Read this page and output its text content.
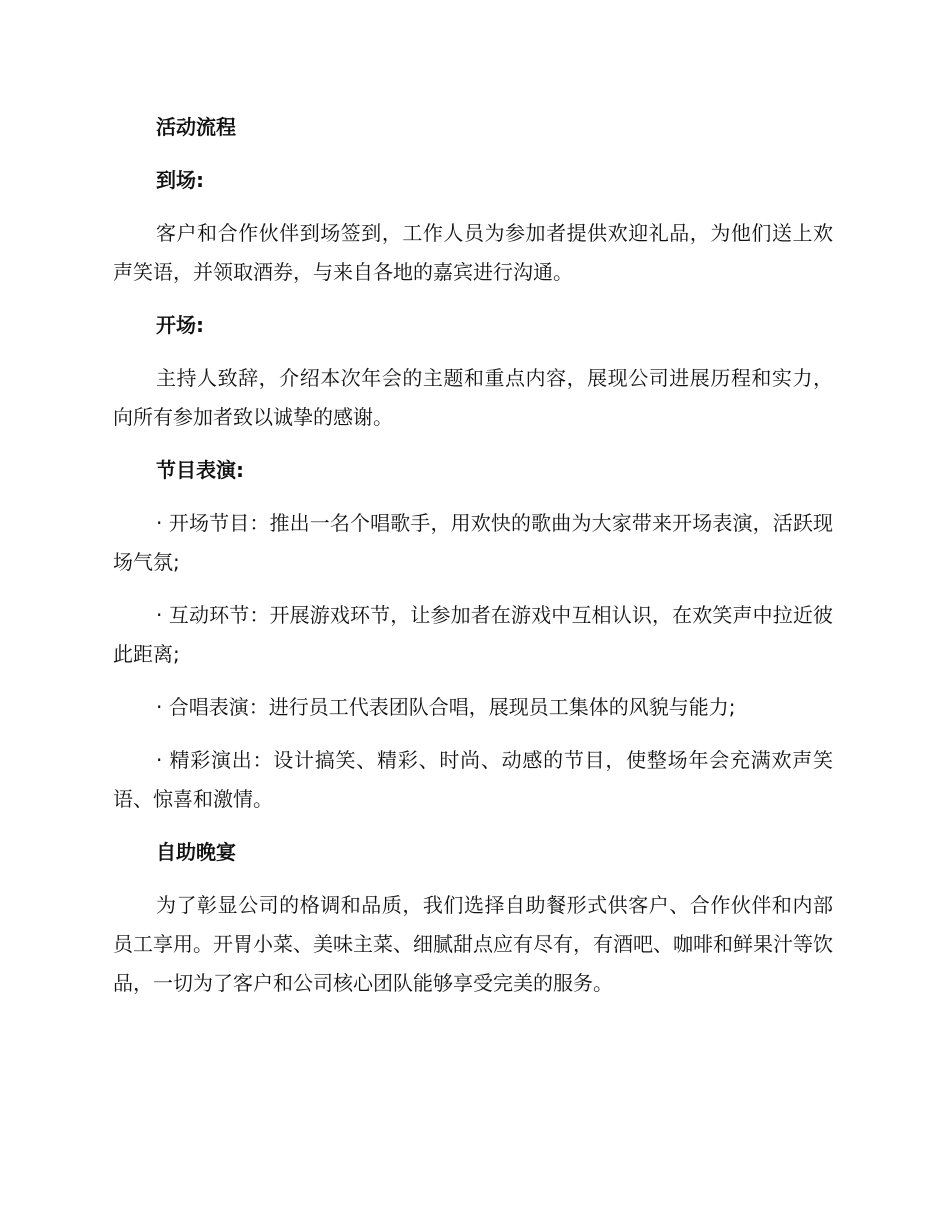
活动流程

到场:

客户和合作伙伴到场签到，工作人员为参加者提供欢迎礼品，为他们送上欢声笑语，并领取酒券，与来自各地的嘉宾进行沟通。

开场:

主持人致辞，介绍本次年会的主题和重点内容，展现公司进展历程和实力，向所有参加者致以诚挚的感谢。

节目表演:

· 开场节目：推出一名个唱歌手，用欢快的歌曲为大家带来开场表演，活跃现场气氛;

· 互动环节：开展游戏环节，让参加者在游戏中互相认识，在欢笑声中拉近彼此距离;

· 合唱表演：进行员工代表团队合唱，展现员工集体的风貌与能力;

· 精彩演出：设计搞笑、精彩、时尚、动感的节目，使整场年会充满欢声笑语、惊喜和激情。

自助晚宴

为了彰显公司的格调和品质，我们选择自助餐形式供客户、合作伙伴和内部员工享用。开胃小菜、美味主菜、细腻甜点应有尽有，有酒吧、咖啡和鲜果汁等饮品，一切为了客户和公司核心团队能够享受完美的服务。
